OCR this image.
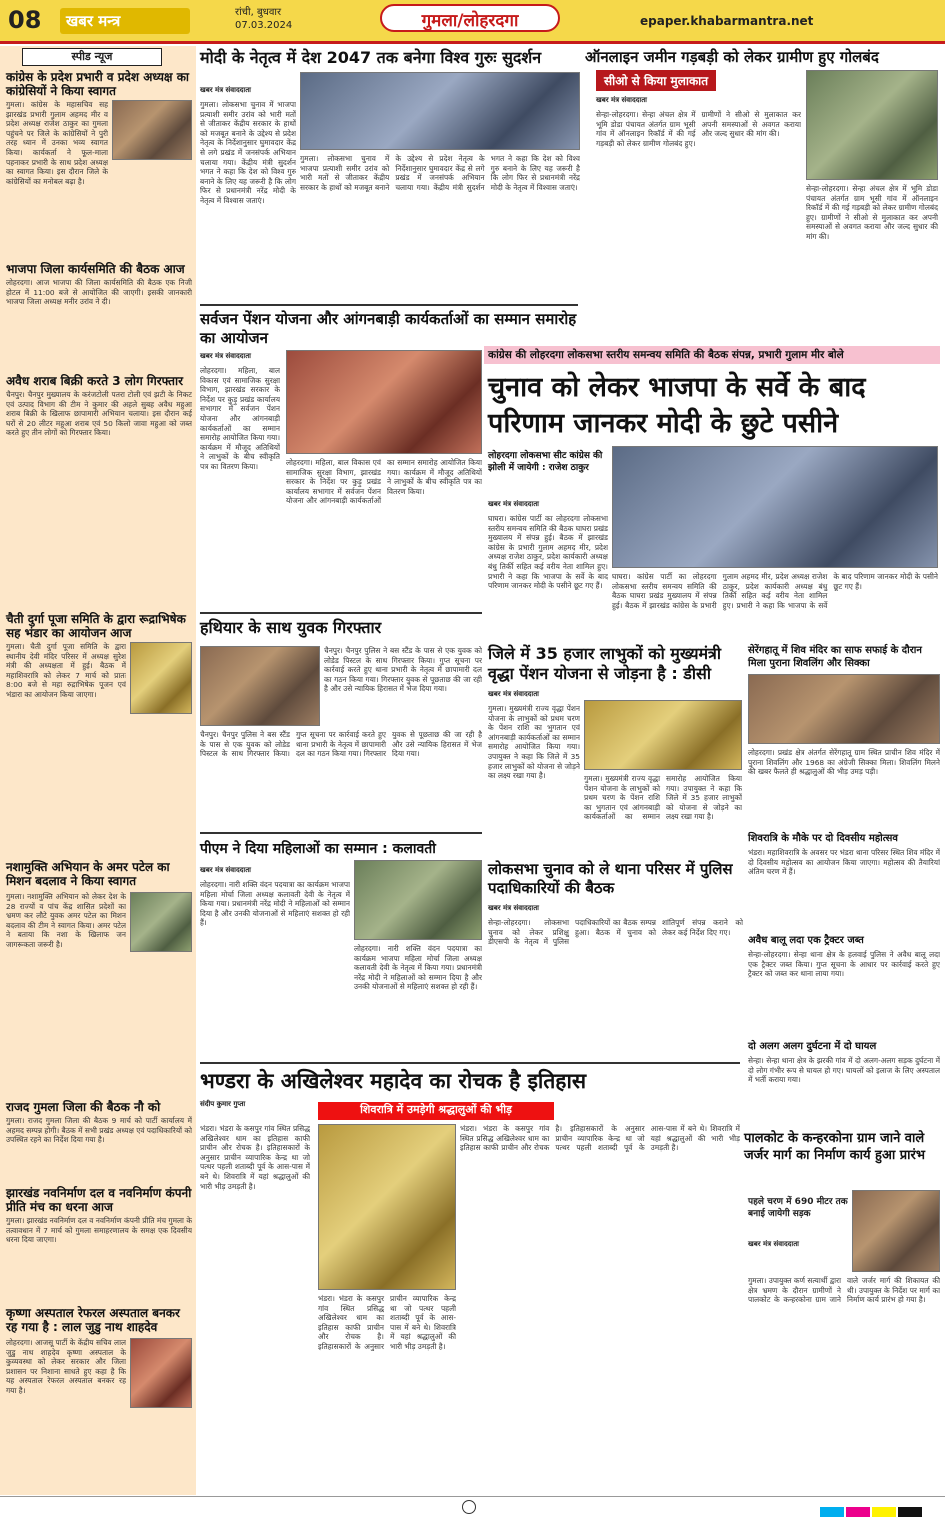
08	खबर मन्त्र	रांची, बुधवार
07.03.2024	गुमला/लोहरदगा	epaper.khabarmantra.net
स्पीड न्यूज
कांग्रेस के प्रदेश प्रभारी व प्रदेश अध्यक्ष का कांग्रेसियों ने किया स्वागत
गुमला। कांग्रेस के महासचिव सह झारखंड प्रभारी गुलाम अहमद मीर व प्रदेश अध्यक्ष राजेश ठाकुर का गुमला पहुंचने पर जिले के कांग्रेसियों ने पुरी तरह ध्यान में उनका भव्य स्वागत किया। कार्यकर्ता ने फूल-माला पहनाकर प्रभारी के साथ प्रदेश अध्यक्ष का स्वागत किया। इस दौरान जिले के कांग्रेसियों का मनोबल बढ़ा है।
भाजपा जिला कार्यसमिति की बैठक आज
लोहरदगा। आज भाजपा की जिला कार्यसमिति की बैठक एक निजी होटल में 11:00 बजे से आयोजित की जाएगी। इसकी जानकारी भाजपा जिला अध्यक्ष मनीर उरांव ने दी।
अवैध शराब बिक्री करते 3 लोग गिरफ्तार
चैनपुर। चैनपुर मुख्यालय के करंजटोली पतरा टोली एवं झटी के निकट एवं उत्पाद विभाग की टीम ने कुमार की अहले सुबह अवैध महुआ शराब बिक्री के खिलाफ छापामारी अभियान चलाया। इस दौरान कई घरों से 20 लीटर महुआ शराब एवं 50 किलो जावा महुआ को जब्त करते हुए तीन लोगों को गिरफ्तार किया।
चैती दुर्गा पूजा समिति के द्वारा रूद्राभिषेक सह भंडार का आयोजन आज
गुमला। चैती दुर्गा पूजा समिति के द्वारा स्थानीय देवी मंदिर परिसर में अध्यक्ष सुरेश मंत्री की अध्यक्षता में हुई। बैठक में महाशिवरात्रि को लेकर 7 मार्च को प्रातः 8:00 बजे से महा रुद्राभिषेक पूजन एवं भंडारा का आयोजन किया जाएगा।
नशामुक्ति अभियान के अमर पटेल का मिशन बदलाव ने किया स्वागत
गुमला। नशामुक्ति अभियान को लेकर देश के 28 राज्यों व पांच केंद्र शासित प्रदेशों का भ्रमण कर लौटे युवक अमर पटेल का मिशन बदलाव की टीम ने स्वागत किया। अमर पटेल ने बताया कि नशा के खिलाफ जन जागरूकता जरूरी है।
राजद गुमला जिला की बैठक नौ को
गुमला। राजद गुमला जिला की बैठक 9 मार्च को पार्टी कार्यालय में अहमद सम्पन्न होगी। बैठक में सभी प्रखंड अध्यक्ष एवं पदाधिकारियों को उपस्थित रहने का निर्देश दिया गया है।
झारखंड नवनिर्माण दल व नवनिर्माण कंपनी प्रीति मंच का धरना आज
गुमला। झारखंड नवनिर्माण दल व नवनिर्माण कंपनी प्रीति मंच गुमला के तत्वावधान में 7 मार्च को गुमला समाहरणालय के समक्ष एक दिवसीय धरना दिया जाएगा।
कृष्णा अस्पताल रेफरल अस्पताल बनकर रह गया है : लाल जुडु नाथ शाहदेव
लोहरदगा। आजसू पार्टी के केंद्रीय सचिव लाल जुडु नाथ शाहदेव कृष्णा अस्पताल के कुव्यवस्था को लेकर सरकार और जिला प्रशासन पर निशाना साधते हुए कहा है कि यह अस्पताल रेफरल अस्पताल बनकर रह गया है।
मोदी के नेतृत्व में देश 2047 तक बनेगा विश्व गुरुः सुदर्शन
खबर मंत्र संवाददाता
गुमला। लोकसभा चुनाव में भाजपा प्रत्याशी समीर उरांव को भारी मतों से जीताकर केंद्रीय सरकार के हाथों को मजबूत बनाने के उद्देश्य से प्रदेश नेतृत्व के निर्देशानुसार घुमावदार केंद्र से लगे प्रखंड में जनसंपर्क अभियान चलाया गया। केंद्रीय मंत्री सुदर्शन भगत ने कहा कि देश को विश्व गुरु बनाने के लिए यह जरूरी है कि लोग फिर से प्रधानमंत्री नरेंद्र मोदी के नेतृत्व में विश्वास जताएं।
गुमला। लोकसभा चुनाव में भाजपा प्रत्याशी समीर उरांव को भारी मतों से जीताकर केंद्रीय सरकार के हाथों को मजबूत बनाने के उद्देश्य से प्रदेश नेतृत्व के निर्देशानुसार घुमावदार केंद्र से लगे प्रखंड में जनसंपर्क अभियान चलाया गया। केंद्रीय मंत्री सुदर्शन भगत ने कहा कि देश को विश्व गुरु बनाने के लिए यह जरूरी है कि लोग फिर से प्रधानमंत्री नरेंद्र मोदी के नेतृत्व में विश्वास जताएं।
ऑनलाइन जमीन गड़बड़ी को लेकर ग्रामीण हुए गोलबंद
सीओ से किया मुलाकात
खबर मंत्र संवाददाता
सेन्हा-लोहरदगा। सेन्हा अंचल क्षेत्र में भूमि डोडा पंचायत अंतर्गत ग्राम भूसी गांव में ऑनलाइन रिकॉर्ड में की गई गड़बड़ी को लेकर ग्रामीण गोलबंद हुए। ग्रामीणों ने सीओ से मुलाकात कर अपनी समस्याओं से अवगत कराया और जल्द सुधार की मांग की।
सेन्हा-लोहरदगा। सेन्हा अंचल क्षेत्र में भूमि डोडा पंचायत अंतर्गत ग्राम भूसी गांव में ऑनलाइन रिकॉर्ड में की गई गड़बड़ी को लेकर ग्रामीण गोलबंद हुए। ग्रामीणों ने सीओ से मुलाकात कर अपनी समस्याओं से अवगत कराया और जल्द सुधार की मांग की।
सर्वजन पेंशन योजना और आंगनबाड़ी कार्यकर्ताओं का सम्मान समारोह का आयोजन
खबर मंत्र संवाददाता
लोहरदगा। महिला, बाल विकास एवं सामाजिक सुरक्षा विभाग, झारखंड सरकार के निर्देश पर कुड़ु प्रखंड कार्यालय सभागार में सर्वजन पेंशन योजना और आंगनबाड़ी कार्यकर्ताओं का सम्मान समारोह आयोजित किया गया। कार्यक्रम में मौजूद अतिथियों ने लाभुकों के बीच स्वीकृति पत्र का वितरण किया।	लोहरदगा। महिला, बाल विकास एवं सामाजिक सुरक्षा विभाग, झारखंड सरकार के निर्देश पर कुड़ु प्रखंड कार्यालय सभागार में सर्वजन पेंशन योजना और आंगनबाड़ी कार्यकर्ताओं का सम्मान समारोह आयोजित किया गया। कार्यक्रम में मौजूद अतिथियों ने लाभुकों के बीच स्वीकृति पत्र का वितरण किया।
कांग्रेस की लोहरदगा लोकसभा स्तरीय समन्वय समिति की बैठक संपन्न, प्रभारी गुलाम मीर बोले
चुनाव को लेकर भाजपा के सर्वे के बाद परिणाम जानकर मोदी के छुटे पसीने
लोहरदगा लोकसभा सीट कांग्रेस की झोली में जायेगी : राजेश ठाकुर
खबर मंत्र संवाददाता
घाघरा। कांग्रेस पार्टी का लोहरदगा लोकसभा स्तरीय समन्वय समिति की बैठक घाघरा प्रखंड मुख्यालय में संपन्न हुई। बैठक में झारखंड कांग्रेस के प्रभारी गुलाम अहमद मीर, प्रदेश अध्यक्ष राजेश ठाकुर, प्रदेश कार्यकारी अध्यक्ष बंधु तिर्की सहित कई वरीय नेता शामिल हुए। प्रभारी ने कहा कि भाजपा के सर्वे के बाद परिणाम जानकर मोदी के पसीने छूट गए हैं।
घाघरा। कांग्रेस पार्टी का लोहरदगा लोकसभा स्तरीय समन्वय समिति की बैठक घाघरा प्रखंड मुख्यालय में संपन्न हुई। बैठक में झारखंड कांग्रेस के प्रभारी गुलाम अहमद मीर, प्रदेश अध्यक्ष राजेश ठाकुर, प्रदेश कार्यकारी अध्यक्ष बंधु तिर्की सहित कई वरीय नेता शामिल हुए। प्रभारी ने कहा कि भाजपा के सर्वे के बाद परिणाम जानकर मोदी के पसीने छूट गए हैं।
हथियार के साथ युवक गिरफ्तार
चैनपुर। चैनपुर पुलिस ने बस स्टैंड के पास से एक युवक को लोडेड पिस्टल के साथ गिरफ्तार किया। गुप्त सूचना पर कार्रवाई करते हुए थाना प्रभारी के नेतृत्व में छापामारी दल का गठन किया गया। गिरफ्तार युवक से पूछताछ की जा रही है और उसे न्यायिक हिरासत में भेज दिया गया।
चैनपुर। चैनपुर पुलिस ने बस स्टैंड के पास से एक युवक को लोडेड पिस्टल के साथ गिरफ्तार किया। गुप्त सूचना पर कार्रवाई करते हुए थाना प्रभारी के नेतृत्व में छापामारी दल का गठन किया गया। गिरफ्तार युवक से पूछताछ की जा रही है और उसे न्यायिक हिरासत में भेज दिया गया।
जिले में 35 हजार लाभुकों को मुख्यमंत्री वृद्धा पेंशन योजना से जोड़ना है : डीसी
खबर मंत्र संवाददाता
गुमला। मुख्यमंत्री राज्य वृद्धा पेंशन योजना के लाभुकों को प्रथम चरण के पेंशन राशि का भुगतान एवं आंगनबाड़ी कार्यकर्ताओं का सम्मान समारोह आयोजित किया गया। उपायुक्त ने कहा कि जिले में 35 हजार लाभुकों को योजना से जोड़ने का लक्ष्य रखा गया है।	गुमला। मुख्यमंत्री राज्य वृद्धा पेंशन योजना के लाभुकों को प्रथम चरण के पेंशन राशि का भुगतान एवं आंगनबाड़ी कार्यकर्ताओं का सम्मान समारोह आयोजित किया गया। उपायुक्त ने कहा कि जिले में 35 हजार लाभुकों को योजना से जोड़ने का लक्ष्य रखा गया है।
सेरेंगहातू में शिव मंदिर का साफ सफाई के दौरान मिला पुराना शिवलिंग और सिक्का
लोहरदगा। प्रखंड क्षेत्र अंतर्गत सेरेंगहातू ग्राम स्थित प्राचीन शिव मंदिर में पुराना शिवलिंग और 1968 का अंग्रेजी सिक्का मिला। शिवलिंग मिलने की खबर फैलते ही श्रद्धालुओं की भीड़ उमड़ पड़ी।
शिवरात्रि के मौके पर दो दिवसीय महोत्सव
भंडरा। महाशिवरात्रि के अवसर पर भंडरा थाना परिसर स्थित शिव मंदिर में दो दिवसीय महोत्सव का आयोजन किया जाएगा। महोत्सव की तैयारियां अंतिम चरण में हैं।
अवैध बालू लदा एक ट्रैक्टर जब्त
सेन्हा-लोहरदगा। सेन्हा थाना क्षेत्र के हलवाई पुलिस ने अवैध बालू लदा एक ट्रैक्टर जब्त किया। गुप्त सूचना के आधार पर कार्रवाई करते हुए ट्रैक्टर को जब्त कर थाना लाया गया।
दो अलग अलग दुर्घटना में दो घायल
सेन्हा। सेन्हा थाना क्षेत्र के झरकी गांव में दो अलग-अलग सड़क दुर्घटना में दो लोग गंभीर रूप से घायल हो गए। घायलों को इलाज के लिए अस्पताल में भर्ती कराया गया।
पीएम ने दिया महिलाओं का सम्मान : कलावती
खबर मंत्र संवाददाता
लोहरदगा। नारी शक्ति वंदन पदयात्रा का कार्यक्रम भाजपा महिला मोर्चा जिला अध्यक्ष कलावती देवी के नेतृत्व में किया गया। प्रधानमंत्री नरेंद्र मोदी ने महिलाओं को सम्मान दिया है और उनकी योजनाओं से महिलाएं सशक्त हो रही हैं।
लोहरदगा। नारी शक्ति वंदन पदयात्रा का कार्यक्रम भाजपा महिला मोर्चा जिला अध्यक्ष कलावती देवी के नेतृत्व में किया गया। प्रधानमंत्री नरेंद्र मोदी ने महिलाओं को सम्मान दिया है और उनकी योजनाओं से महिलाएं सशक्त हो रही हैं।
लोकसभा चुनाव को ले थाना परिसर में पुलिस पदाधिकारियों की बैठक
खबर मंत्र संवाददाता
सेन्हा-लोहरदगा। लोकसभा चुनाव को लेकर प्रशिक्षु डीएसपी के नेतृत्व में पुलिस पदाधिकारियों का बैठक सम्पन्न हुआ। बैठक में चुनाव को शांतिपूर्ण संपन्न कराने को लेकर कई निर्देश दिए गए।
भण्डरा के अखिलेश्वर महादेव का रोचक है इतिहास
संदीप कुमार गुप्ता	शिवरात्रि में उमड़ेगी श्रद्धालुओं की भीड़
भंडरा। भंडरा के कसपुर गांव स्थित प्रसिद्ध अखिलेश्वर धाम का इतिहास काफी प्राचीन और रोचक है। इतिहासकारों के अनुसार प्राचीन व्यापारिक केन्द्र था जो पत्थर पहली शताब्दी पूर्व के आस-पास में बने थे। शिवरात्रि में यहां श्रद्धालुओं की भारी भीड़ उमड़ती है।
भंडरा। भंडरा के कसपुर गांव स्थित प्रसिद्ध अखिलेश्वर धाम का इतिहास काफी प्राचीन और रोचक है। इतिहासकारों के अनुसार प्राचीन व्यापारिक केन्द्र था जो पत्थर पहली शताब्दी पूर्व के आस-पास में बने थे। शिवरात्रि में यहां श्रद्धालुओं की भारी भीड़ उमड़ती है।
भंडरा। भंडरा के कसपुर गांव स्थित प्रसिद्ध अखिलेश्वर धाम का इतिहास काफी प्राचीन और रोचक है। इतिहासकारों के अनुसार प्राचीन व्यापारिक केन्द्र था जो पत्थर पहली शताब्दी पूर्व के आस-पास में बने थे। शिवरात्रि में यहां श्रद्धालुओं की भारी भीड़ उमड़ती है।
पालकोट के कन्हरकोना ग्राम जाने वाले जर्जर मार्ग का निर्माण कार्य हुआ प्रारंभ
पहले चरण में 690 मीटर तक बनाई जायेगी सड़क
खबर मंत्र संवाददाता
गुमला। उपायुक्त कर्ण सत्यार्थी द्वारा क्षेत्र भ्रमण के दौरान ग्रामीणों ने पालकोट के कन्हरकोना ग्राम जाने वाले जर्जर मार्ग की शिकायत की थी। उपायुक्त के निर्देश पर मार्ग का निर्माण कार्य प्रारंभ हो गया है।
